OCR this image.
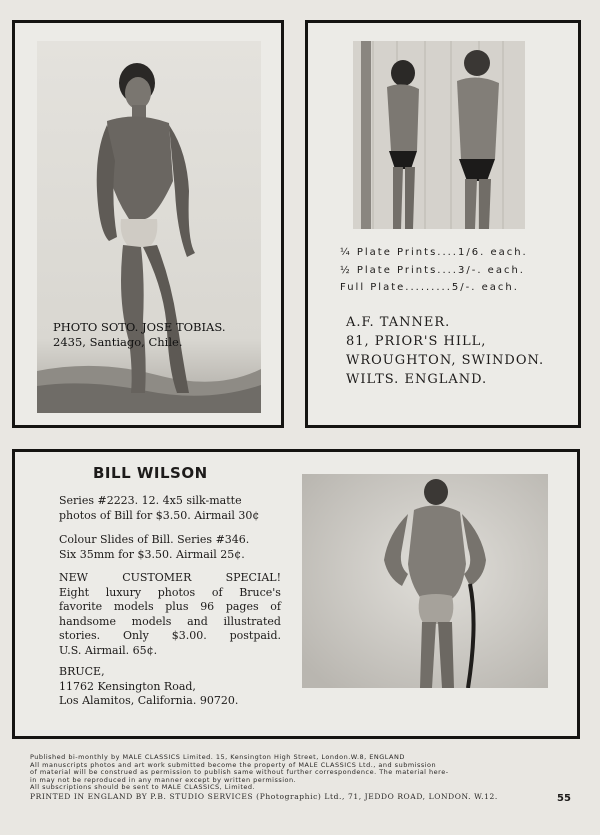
PHOTO SOTO. JOSE TOBIAS.
2435, Santiago, Chile.
¼ Plate Prints....1/6. each.
½ Plate Prints....3/-. each.
Full Plate.........5/-. each.
A.F. TANNER.
81, PRIOR'S HILL,
WROUGHTON, SWINDON.
WILTS. ENGLAND.
BILL WILSON
Series #2223. 12. 4x5 silk-matte
photos of Bill for $3.50. Airmail 30¢
Colour Slides of Bill. Series #346.
Six 35mm for $3.50. Airmail 25¢.
NEW	CUSTOMER	SPECIAL!
Eight luxury photos of Bruce's
favorite models plus 96 pages of
handsome models and illustrated
stories. Only $3.00. postpaid.
U.S. Airmail. 65¢.
BRUCE,
11762 Kensington Road,
Los Alamitos, California. 90720.
Published bi-monthly by MALE CLASSICS Limited. 15, Kensington High Street, London.W.8, ENGLAND
All manuscripts photos and art work submitted become the property of MALE CLASSICS Ltd., and submission
of material will be construed as permission to publish same without further correspondence. The material here-
in may not be reproduced in any manner except by written permission.
All subscriptions should be sent to MALE CLASSICS, Limited.
PRINTED IN ENGLAND BY P.B. STUDIO SERVICES (Photographic) Ltd., 71, JEDDO ROAD, LONDON. W.12.	55
